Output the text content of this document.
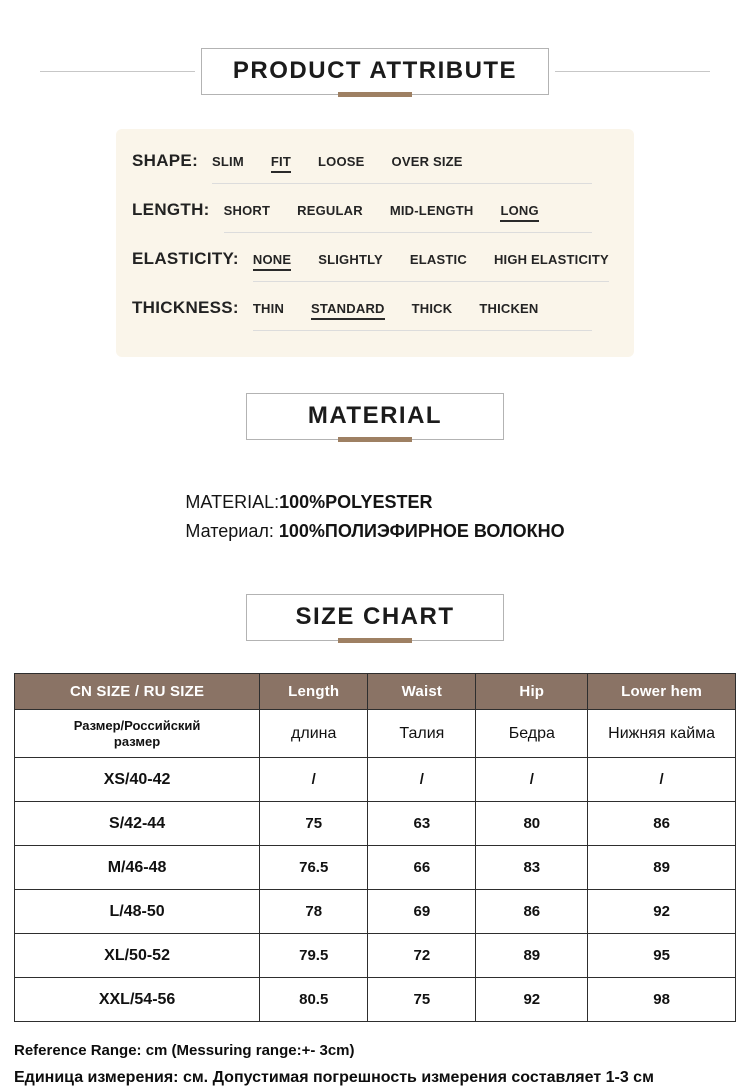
PRODUCT ATTRIBUTE
SHAPE: SLIM FIT LOOSE OVER SIZE
LENGTH: SHORT REGULAR MID-LENGTH LONG
ELASTICITY: NONE SLIGHTLY ELASTIC HIGH ELASTICITY
THICKNESS: THIN STANDARD THICK THICKEN
MATERIAL
MATERIAL:100%POLYESTER
Материал: 100%ПОЛИЭФИРНОЕ ВОЛОКНО
SIZE CHART
CN SIZE / RU SIZE	Length	Waist	Hip	Lower hem

Размер/Российский размер	длина	Талия	Бедра	Нижняя кайма
XS/40-42	/	/	/	/
S/42-44	75	63	80	86
M/46-48	76.5	66	83	89
L/48-50	78	69	86	92
XL/50-52	79.5	72	89	95
XXL/54-56	80.5	75	92	98
Reference Range: cm (Messuring range:+- 3cm)
Единица измерения: см. Допустимая погрешность измерения составляет 1-3 см
